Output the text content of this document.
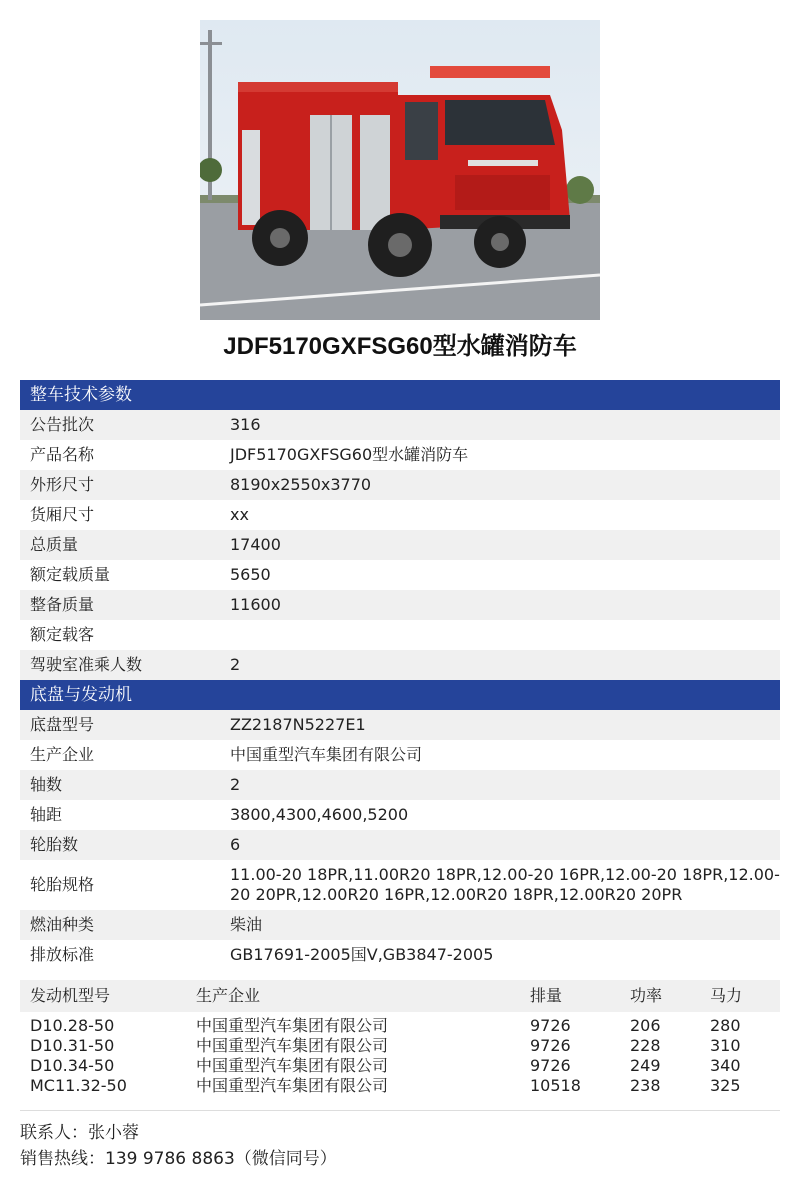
JDF5170GXFSG60型水罐消防车
整车技术参数
公告批次	316
产品名称	JDF5170GXFSG60型水罐消防车
外形尺寸	8190x2550x3770
货厢尺寸	xx
总质量	17400
额定载质量	5650
整备质量	11600
额定载客
驾驶室准乘人数	2
底盘与发动机
底盘型号	ZZ2187N5227E1
生产企业	中国重型汽车集团有限公司
轴数	2
轴距	3800,4300,4600,5200
轮胎数	6
轮胎规格
11.00-20 18PR,11.00R20 18PR,12.00-20 16PR,12.00-20 18PR,12.00-20 20PR,12.00R20 16PR,12.00R20 18PR,12.00R20 20PR
燃油种类	柴油
排放标准	GB17691-2005国Ⅴ,GB3847-2005
发动机型号	生产企业	排量	功率	马力
D10.28-50	中国重型汽车集团有限公司	9726	206	280
D10.31-50	中国重型汽车集团有限公司	9726	228	310
D10.34-50	中国重型汽车集团有限公司	9726	249	340
MC11.32-50	中国重型汽车集团有限公司	10518	238	325
联系人：张小蓉
销售热线：139 9786 8863（微信同号）
